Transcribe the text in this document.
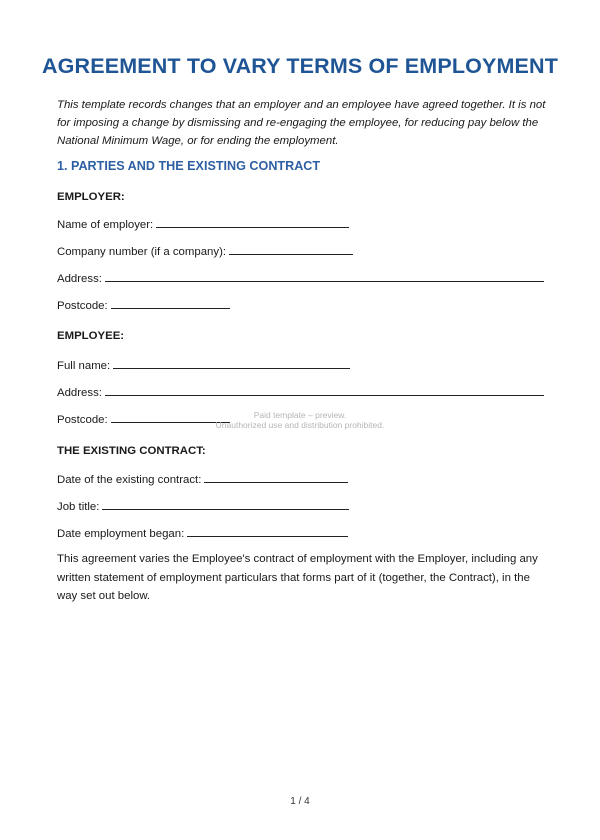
AGREEMENT TO VARY TERMS OF EMPLOYMENT
This template records changes that an employer and an employee have agreed together. It is not for imposing a change by dismissing and re-engaging the employee, for reducing pay below the National Minimum Wage, or for ending the employment.
1. PARTIES AND THE EXISTING CONTRACT
EMPLOYER:
Name of employer:
Company number (if a company):
Address:
Postcode:
EMPLOYEE:
Full name:
Address:
Postcode:
THE EXISTING CONTRACT:
Date of the existing contract:
Job title:
Date employment began:
This agreement varies the Employee's contract of employment with the Employer, including any written statement of employment particulars that forms part of it (together, the Contract), in the way set out below.
Paid template – preview.
Unauthorized use and distribution prohibited.
1 / 4
